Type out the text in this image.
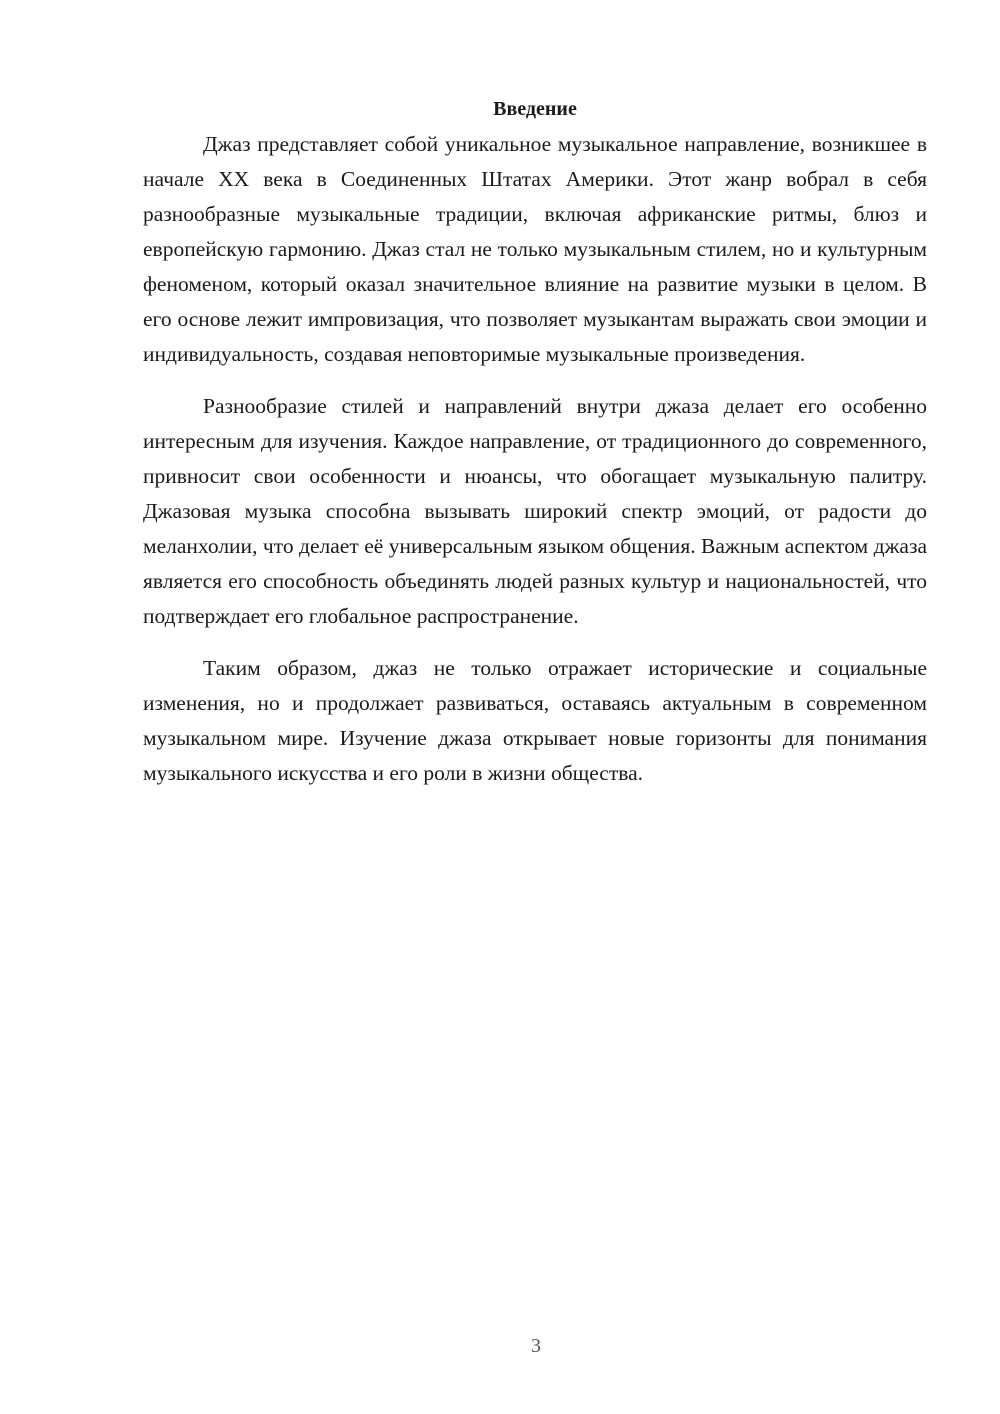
Введение

Джаз представляет собой уникальное музыкальное направление, возникшее в начале XX века в Соединенных Штатах Америки. Этот жанр вобрал в себя разнообразные музыкальные традиции, включая африканские ритмы, блюз и европейскую гармонию. Джаз стал не только музыкальным стилем, но и культурным феноменом, который оказал значительное влияние на развитие музыки в целом. В его основе лежит импровизация, что позволяет музыкантам выражать свои эмоции и индивидуальность, создавая неповторимые музыкальные произведения.

Разнообразие стилей и направлений внутри джаза делает его особенно интересным для изучения. Каждое направление, от традиционного до современного, привносит свои особенности и нюансы, что обогащает музыкальную палитру. Джазовая музыка способна вызывать широкий спектр эмоций, от радости до меланхолии, что делает её универсальным языком общения. Важным аспектом джаза является его способность объединять людей разных культур и национальностей, что подтверждает его глобальное распространение.

Таким образом, джаз не только отражает исторические и социальные изменения, но и продолжает развиваться, оставаясь актуальным в современном музыкальном мире. Изучение джаза открывает новые горизонты для понимания музыкального искусства и его роли в жизни общества.

3
